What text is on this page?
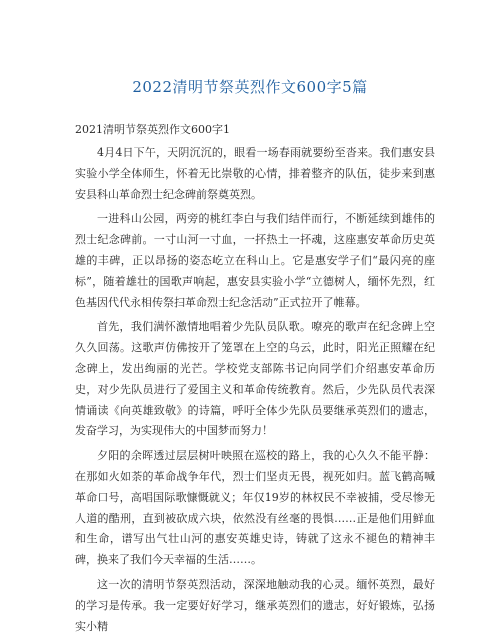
2022清明节祭英烈作文600字5篇

2021清明节祭英烈作文600字1

4月4日下午，天阴沉沉的，眼看一场春雨就要纷至沓来。我们惠安县实验小学全体师生，怀着无比崇敬的心情，排着整齐的队伍，徒步来到惠安县科山革命烈士纪念碑前祭奠英烈。

一进科山公园，两旁的桃红李白与我们结伴而行，不断延续到雄伟的烈士纪念碑前。一寸山河一寸血，一抔热土一抔魂，这座惠安革命历史英雄的丰碑，正以昂扬的姿态屹立在科山上。它是惠安学子们“最闪亮的座标”，随着雄壮的国歌声响起，惠安县实验小学“立德树人，缅怀先烈，红色基因代代永相传祭扫革命烈士纪念活动”正式拉开了帷幕。

首先，我们满怀激情地唱着少先队员队歌。嘹亮的歌声在纪念碑上空久久回荡。这歌声仿佛按开了笼罩在上空的乌云，此时，阳光正照耀在纪念碑上，发出绚丽的光芒。学校党支部陈书记向同学们介绍惠安革命历史，对少先队员进行了爱国主义和革命传统教育。然后，少先队员代表深情诵读《向英雄致敬》的诗篇，呼吁全体少先队员要继承英烈们的遗志，发奋学习，为实现伟大的中国梦而努力！

夕阳的余晖透过层层树叶映照在巡校的路上，我的心久久不能平静：在那如火如荼的革命战争年代，烈士们坚贞无畏，视死如归。蓝飞鹤高喊革命口号，高唱国际歌慷慨就义；年仅19岁的林权民不幸被捕，受尽惨无人道的酷刑，直到被砍成六块，依然没有丝毫的畏惧……正是他们用鲜血和生命，谱写出气壮山河的惠安英雄史诗，铸就了这永不褪色的精神丰碑，换来了我们今天幸福的生活……。

这一次的清明节祭英烈活动，深深地触动我的心灵。缅怀英烈，最好的学习是传承。我一定要好好学习，继承英烈们的遗志，好好锻炼，弘扬实小精
